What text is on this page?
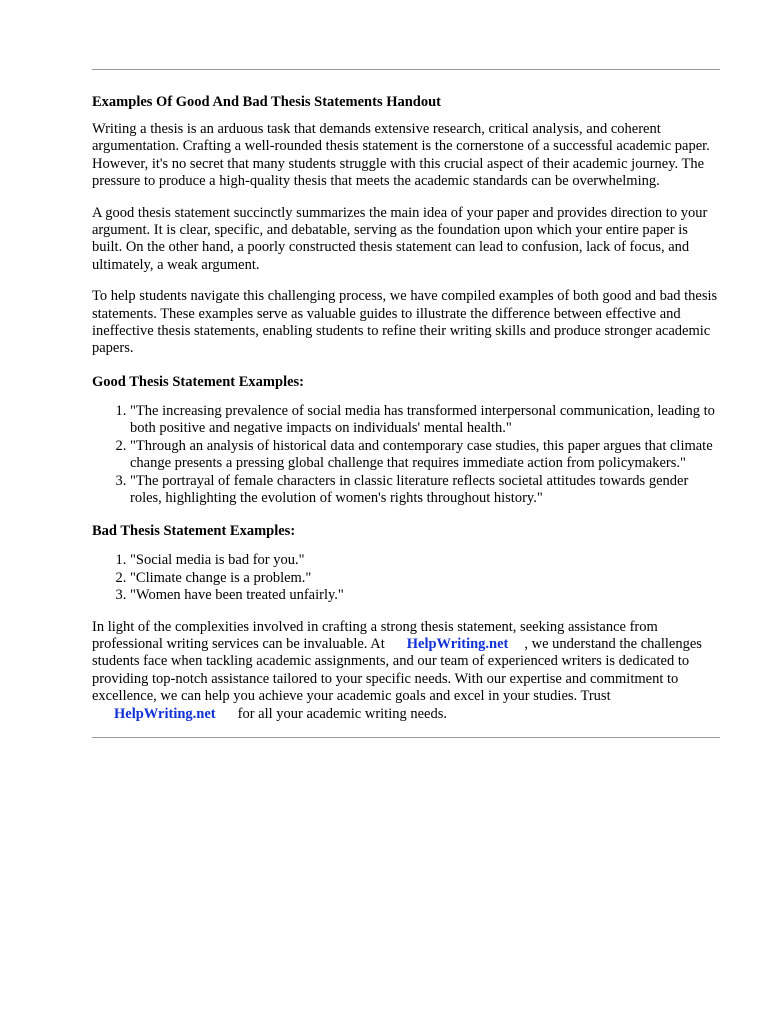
Examples Of Good And Bad Thesis Statements Handout

Writing a thesis is an arduous task that demands extensive research, critical analysis, and coherent argumentation. Crafting a well-rounded thesis statement is the cornerstone of a successful academic paper. However, it's no secret that many students struggle with this crucial aspect of their academic journey. The pressure to produce a high-quality thesis that meets the academic standards can be overwhelming.

A good thesis statement succinctly summarizes the main idea of your paper and provides direction to your argument. It is clear, specific, and debatable, serving as the foundation upon which your entire paper is built. On the other hand, a poorly constructed thesis statement can lead to confusion, lack of focus, and ultimately, a weak argument.

To help students navigate this challenging process, we have compiled examples of both good and bad thesis statements. These examples serve as valuable guides to illustrate the difference between effective and ineffective thesis statements, enabling students to refine their writing skills and produce stronger academic papers.

Good Thesis Statement Examples:
1. "The increasing prevalence of social media has transformed interpersonal communication, leading to both positive and negative impacts on individuals' mental health."
2. "Through an analysis of historical data and contemporary case studies, this paper argues that climate change presents a pressing global challenge that requires immediate action from policymakers."
3. "The portrayal of female characters in classic literature reflects societal attitudes towards gender roles, highlighting the evolution of women's rights throughout history."
Bad Thesis Statement Examples:
1. "Social media is bad for you."
2. "Climate change is a problem."
3. "Women have been treated unfairly."

In light of the complexities involved in crafting a strong thesis statement, seeking assistance from professional writing services can be invaluable. At HelpWriting.net , we understand the challenges students face when tackling academic assignments, and our team of experienced writers is dedicated to providing top-notch assistance tailored to your specific needs. With our expertise and commitment to excellence, we can help you achieve your academic goals and excel in your studies. TrustHelpWriting.net for all your academic writing needs.
